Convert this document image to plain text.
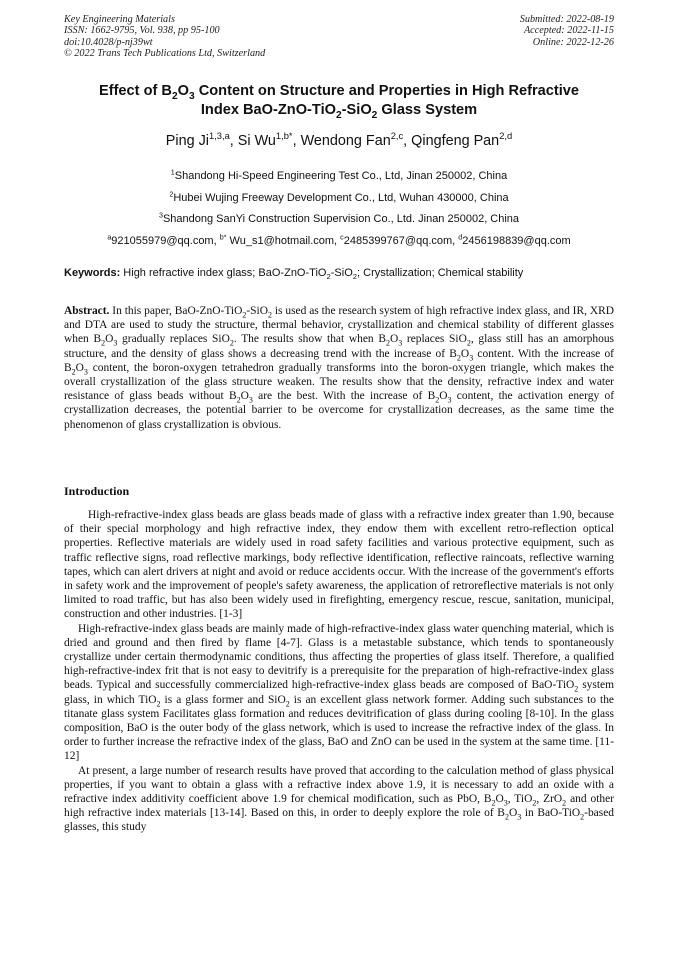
Key Engineering Materials
ISSN: 1662-9795, Vol. 938, pp 95-100
doi:10.4028/p-nj39wt
© 2022 Trans Tech Publications Ltd, Switzerland
Submitted: 2022-08-19
Accepted: 2022-11-15
Online: 2022-12-26
Effect of $B_2O_3$ Content on Structure and Properties in High Refractive
Index BaO-ZnO-TiO$_2$-SiO$_2$ Glass System
Ping Ji$^{1,3,a}$, Si $Wu^{1,b*}$, Wendong Fan$^{2,c}$, Qingfeng Pan$^{2,d}$
$^1$Shandong Hi-Speed Engineering Test Co., Ltd, Jinan 250002, China
$^2$Hubei Wujing Freeway Development Co., Ltd, Wuhan 430000, China
$^3$Shandong SanYi Construction Supervision Co., Ltd. Jinan 250002, China
$^a$921055979@qq.com, $^{b*}$ Wu_s1@hotmail.com, $^c$2485399767@qq.com, $^d$2456198839@qq.com
Keywords: High refractive index glass; BaO-ZnO-TiO$_2$-SiO$_2$; Crystallization; Chemical stability
Abstract. In this paper, BaO-ZnO-TiO$_2$-SiO$_2$ is used as the research system of high refractive index glass, and IR, XRD and DTA are used to study the structure, thermal behavior, crystallization and chemical stability of different glasses when $B_2O_3$ gradually replaces SiO$_2$. The results show that when $B_2O_3$ replaces SiO$_2$, glass still has an amorphous structure, and the density of glass shows a decreasing trend with the increase of $B_2O_3$ content. With the increase of $B_2O_3$ content, the boron-oxygen tetrahedron gradually transforms into the boron-oxygen triangle, which makes the overall crystallization of the glass structure weaken. The results show that the density, refractive index and water resistance of glass beads without $B_2O_3$ are the best. With the increase of $B_2O_3$ content, the activation energy of crystallization decreases, the potential barrier to be overcome for crystallization decreases, as the same time the phenomenon of glass crystallization is obvious.
Introduction

High-refractive-index glass beads are glass beads made of glass with a refractive index greater than 1.90, because of their special morphology and high refractive index, they endow them with excellent retro-reflection optical properties. Reflective materials are widely used in road safety facilities and various protective equipment, such as traffic reflective signs, road reflective markings, body reflective identification, reflective raincoats, reflective warning tapes, which can alert drivers at night and avoid or reduce accidents occur. With the increase of the government's efforts in safety work and the improvement of people's safety awareness, the application of retroreflective materials is not only limited to road traffic, but has also been widely used in firefighting, emergency rescue, rescue, sanitation, municipal, construction and other industries. [1-3]

High-refractive-index glass beads are mainly made of high-refractive-index glass water quenching material, which is dried and ground and then fired by flame [4-7]. Glass is a metastable substance, which tends to spontaneously crystallize under certain thermodynamic conditions, thus affecting the properties of glass itself. Therefore, a qualified high-refractive-index frit that is not easy to devitrify is a prerequisite for the preparation of high-refractive-index glass beads. Typical and successfully commercialized high-refractive-index glass beads are composed of BaO-TiO$_2$ system glass, in which TiO$_2$ is a glass former and SiO$_2$ is an excellent glass network former. Adding such substances to the titanate glass system Facilitates glass formation and reduces devitrification of glass during cooling [8-10]. In the glass composition, BaO is the outer body of the glass network, which is used to increase the refractive index of the glass. In order to further increase the refractive index of the glass, BaO and ZnO can be used in the system at the same time. [11-12]

At present, a large number of research results have proved that according to the calculation method of glass physical properties, if you want to obtain a glass with a refractive index above 1.9, it is necessary to add an oxide with a refractive index additivity coefficient above 1.9 for chemical modification, such as PbO, $B_2O_3$, TiO$_2$, ZrO$_2$ and other high refractive index materials [13-14]. Based on this, in order to deeply explore the role of $B_2O_3$ in BaO-TiO$_2$-based glasses, this study
